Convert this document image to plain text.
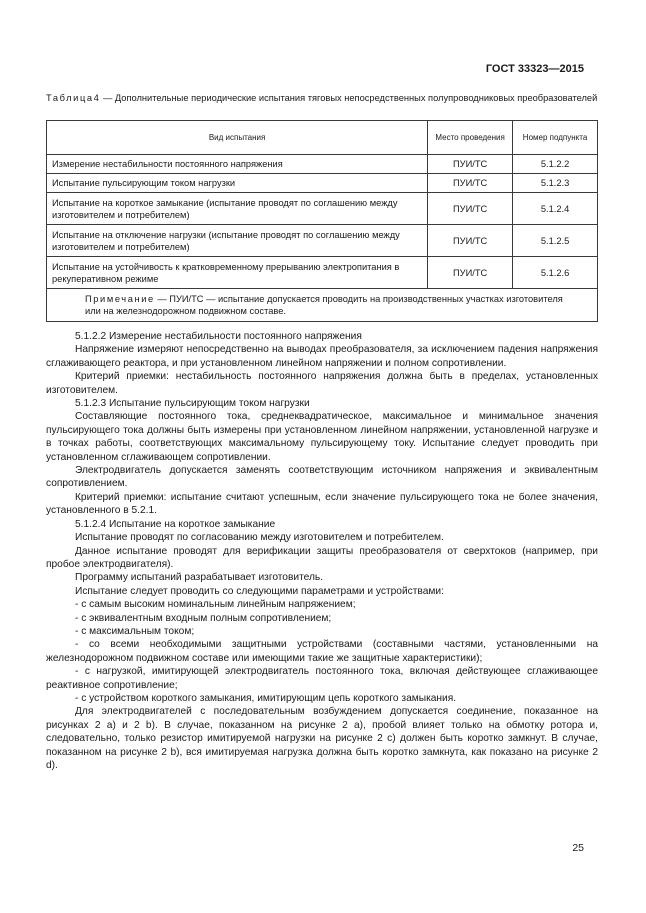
ГОСТ 33323—2015
Таблица4 — Дополнительные периодические испытания тяговых непосредственных полупроводниковых преобразователей
Вид испытания	Место проведения	Номер подпункта
Измерение нестабильности постоянного напряжения	ПУИ/ТС	5.1.2.2
Испытание пульсирующим током нагрузки	ПУИ/ТС	5.1.2.3
Испытание на короткое замыкание (испытание проводят по соглашению между изготовителем и потребителем)	ПУИ/ТС	5.1.2.4
Испытание на отключение нагрузки (испытание проводят по соглашению между изготовителем и потребителем)	ПУИ/ТС	5.1.2.5
Испытание на устойчивость к кратковременному прерыванию электропитания в рекуперативном режиме	ПУИ/ТС	5.1.2.6
Примечание — ПУИ/ТС — испытание допускается проводить на производственных участках изготовителя или на железнодорожном подвижном составе.		

5.1.2.2 Измерение нестабильности постоянного напряжения

Напряжение измеряют непосредственно на выводах преобразователя, за исключением падения напряжения сглаживающего реактора, и при установленном линейном напряжении и полном сопротивлении.

Критерий приемки: нестабильность постоянного напряжения должна быть в пределах, установленных изготовителем.

5.1.2.3 Испытание пульсирующим током нагрузки

Составляющие постоянного тока, среднеквадратическое, максимальное и минимальное значения пульсирующего тока должны быть измерены при установленном линейном напряжении, установленной нагрузке и в точках работы, соответствующих максимальному пульсирующему току. Испытание следует проводить при установленном сглаживающем сопротивлении.

Электродвигатель допускается заменять соответствующим источником напряжения и эквивалентным сопротивлением.

Критерий приемки: испытание считают успешным, если значение пульсирующего тока не более значения, установленного в 5.2.1.

5.1.2.4 Испытание на короткое замыкание

Испытание проводят по согласованию между изготовителем и потребителем.

Данное испытание проводят для верификации защиты преобразователя от сверхтоков (например, при пробое электродвигателя).

Программу испытаний разрабатывает изготовитель.

Испытание следует проводить со следующими параметрами и устройствами:

- с самым высоким номинальным линейным напряжением;

- с эквивалентным входным полным сопротивлением;

- с максимальным током;

- со всеми необходимыми защитными устройствами (составными частями, установленными на железнодорожном подвижном составе или имеющими такие же защитные характеристики);

- с нагрузкой, имитирующей электродвигатель постоянного тока, включая действующее сглаживающее реактивное сопротивление;

- с устройством короткого замыкания, имитирующим цепь короткого замыкания.

Для электродвигателей с последовательным возбуждением допускается соединение, показанное на рисунках 2 а) и 2 b). В случае, показанном на рисунке 2 а), пробой влияет только на обмотку ротора и, следовательно, только резистор имитируемой нагрузки на рисунке 2 с) должен быть коротко замкнут. В случае, показанном на рисунке 2 b), вся имитируемая нагрузка должна быть коротко замкнута, как показано на рисунке 2 d).

25
